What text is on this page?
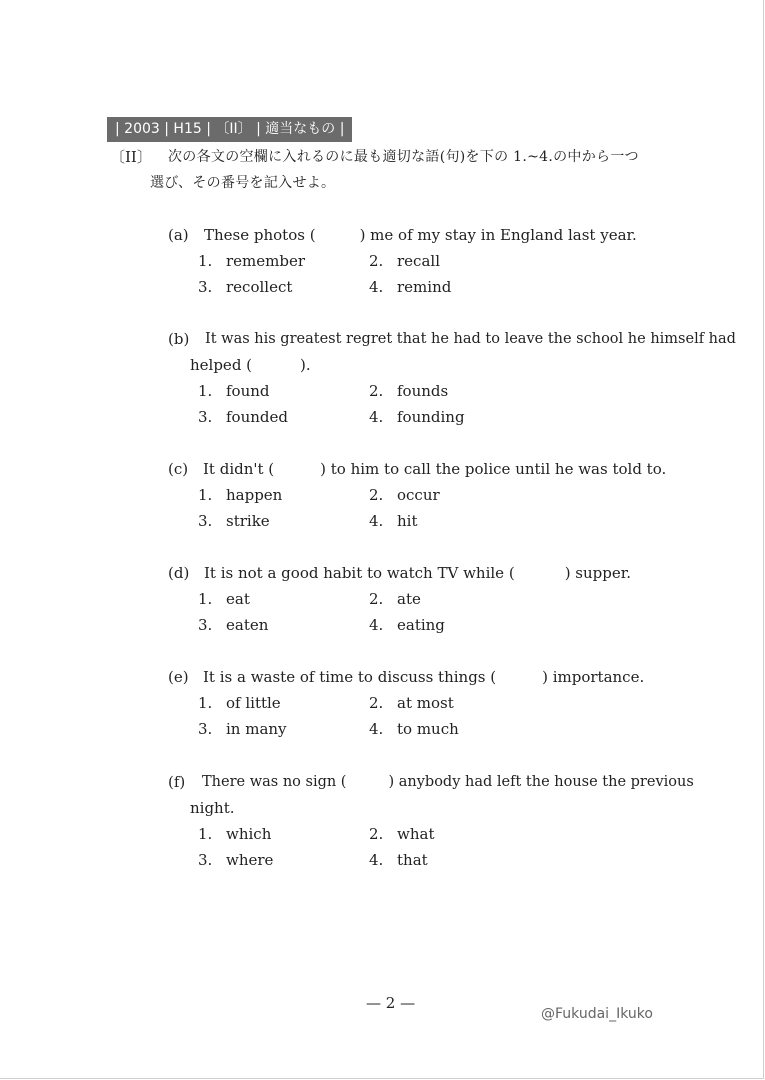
| 2003 | H15 | 〔II〕 | 適当なもの |
〔II〕 次の各文の空欄に入れるのに最も適切な語(句)を下の 1.~4.の中から一つ
選び、その番号を記入せよ。
(a) These photos (	) me of my stay in England last year.
1. remember	2. recall
3. recollect	4. remind
(b) It was his greatest regret that he had to leave the school he himself had
helped (	).
1. found	2. founds
3. founded	4. founding
(c) It didn't (	) to him to call the police until he was told to.
1. happen	2. occur
3. strike	4. hit
(d) It is not a good habit to watch TV while (	) supper.
1. eat	2. ate
3. eaten	4. eating
(e) It is a waste of time to discuss things (	) importance.
1. of little	2. at most
3. in many	4. to much
(f) There was no sign (	) anybody had left the house the previous
night.
1. which	2. what
3. where	4. that
— 2 —
@Fukudai_Ikuko
